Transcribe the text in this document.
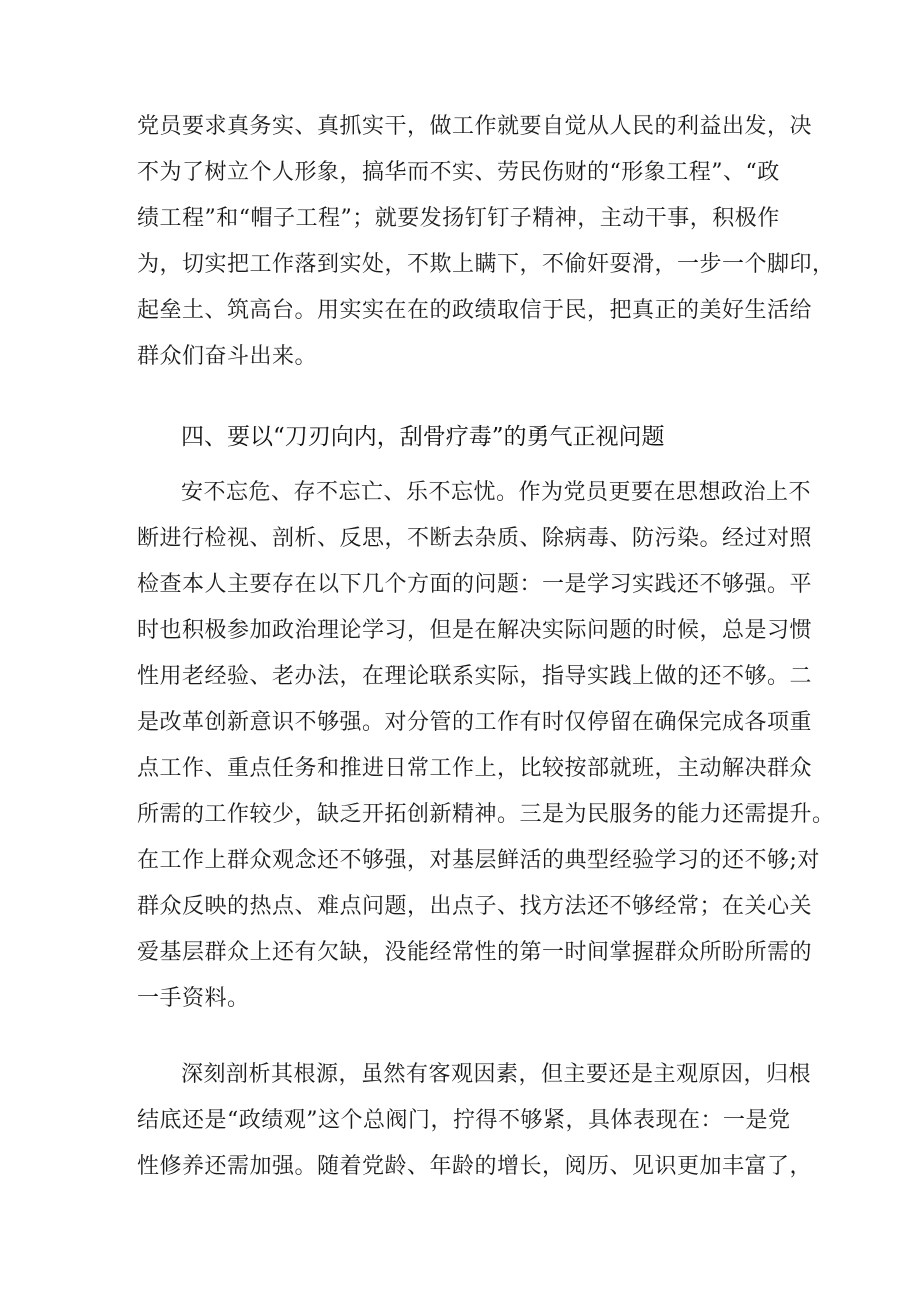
党员要求真务实、真抓实干，做工作就要自觉从人民的利益出发，决
不为了树立个人形象，搞华而不实、劳民伤财的“形象工程”、“政
绩工程”和“帽子工程”；就要发扬钉钉子精神，主动干事，积极作
为，切实把工作落到实处，不欺上瞒下，不偷奸耍滑，一步一个脚印，
起垒土、筑高台。用实实在在的政绩取信于民，把真正的美好生活给
群众们奋斗出来。
四、要以“刀刃向内，刮骨疗毒”的勇气正视问题
安不忘危、存不忘亡、乐不忘忧。作为党员更要在思想政治上不
断进行检视、剖析、反思，不断去杂质、除病毒、防污染。经过对照
检查本人主要存在以下几个方面的问题：一是学习实践还不够强。平
时也积极参加政治理论学习，但是在解决实际问题的时候，总是习惯
性用老经验、老办法，在理论联系实际，指导实践上做的还不够。二
是改革创新意识不够强。对分管的工作有时仅停留在确保完成各项重
点工作、重点任务和推进日常工作上，比较按部就班，主动解决群众
所需的工作较少，缺乏开拓创新精神。三是为民服务的能力还需提升。
在工作上群众观念还不够强，对基层鲜活的典型经验学习的还不够;对
群众反映的热点、难点问题，出点子、找方法还不够经常；在关心关
爱基层群众上还有欠缺，没能经常性的第一时间掌握群众所盼所需的
一手资料。
深刻剖析其根源，虽然有客观因素，但主要还是主观原因，归根
结底还是“政绩观”这个总阀门，拧得不够紧，具体表现在：一是党
性修养还需加强。随着党龄、年龄的增长，阅历、见识更加丰富了，
